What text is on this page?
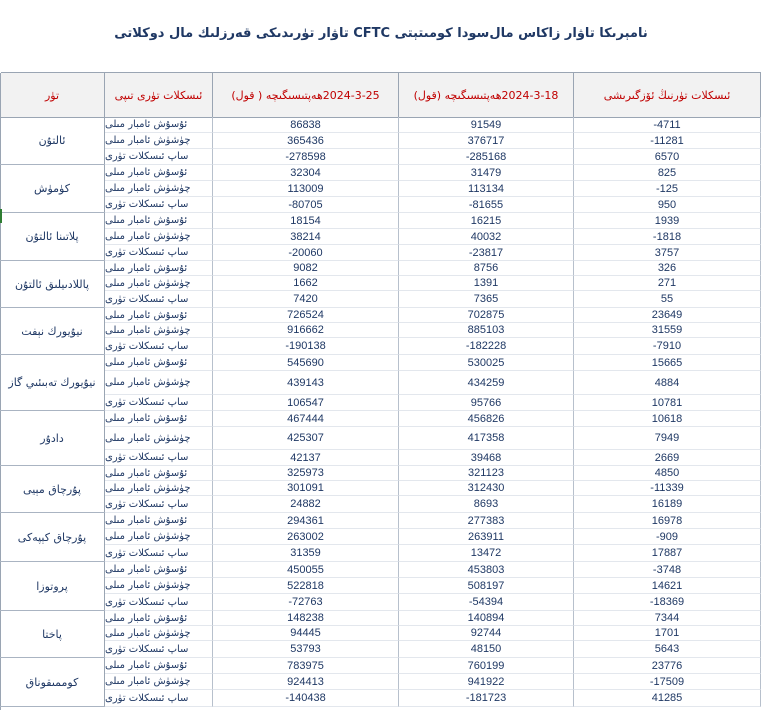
نامېرىكا تاۋار زاكاس مال‌سودا كومىتېتى CFTC تاۋار تۈرىدىكى قەرزلىك مال دوكلاتى
تۈر	ئىسكلات تۈرى تىپى	2024-3-25ھەپتىسىگىچە ( قول)	2024-3-18ھەپتىسىگىچە (قول)	ئىسكلات تۈرنىڭ ئۆزگىرىشى
ئالتۇن
ئۇسۇش ئامبار مىلى	86838	91549	-4711
چۈشۈش ئامبار مىلى	365436	376717	-11281
ساپ ئىسكلات تۈرى	-278598	-285168	6570
كۈمۈش
ئۇسۇش ئامبار مىلى	32304	31479	825
چۈشۈش ئامبار مىلى	113009	113134	-125
ساپ ئىسكلات تۈرى	-80705	-81655	950
پلاتىنا ئالتۇن
ئۇسۇش ئامبار مىلى	18154	16215	1939
چۈشۈش ئامبار مىلى	38214	40032	-1818
ساپ ئىسكلات تۈرى	-20060	-23817	3757
پاللادىيلىق ئالتۇن
ئۇسۇش ئامبار مىلى	9082	8756	326
چۈشۈش ئامبار مىلى	1662	1391	271
ساپ ئىسكلات تۈرى	7420	7365	55
نيۇيورك نېفت
ئۇسۇش ئامبار مىلى	726524	702875	23649
چۈشۈش ئامبار مىلى	916662	885103	31559
ساپ ئىسكلات تۈرى	-190138	-182228	-7910
نيۇيورك تەبىئىي گاز
ئۇسۇش ئامبار مىلى	545690	530025	15665
چۈشۈش ئامبار مىلى	439143	434259	4884
ساپ ئىسكلات تۈرى	106547	95766	10781
دادۇر
ئۇسۇش ئامبار مىلى	467444	456826	10618
چۈشۈش ئامبار مىلى	425307	417358	7949
ساپ ئىسكلات تۈرى	42137	39468	2669
پۇرچاق مېيى
ئۇسۇش ئامبار مىلى	325973	321123	4850
چۈشۈش ئامبار مىلى	301091	312430	-11339
ساپ ئىسكلات تۈرى	24882	8693	16189
پۇرچاق كېپەكى
ئۇسۇش ئامبار مىلى	294361	277383	16978
چۈشۈش ئامبار مىلى	263002	263911	-909
ساپ ئىسكلات تۈرى	31359	13472	17887
پروتوزا
ئۇسۇش ئامبار مىلى	450055	453803	-3748
چۈشۈش ئامبار مىلى	522818	508197	14621
ساپ ئىسكلات تۈرى	-72763	-54394	-18369
پاختا
ئۇسۇش ئامبار مىلى	148238	140894	7344
چۈشۈش ئامبار مىلى	94445	92744	1701
ساپ ئىسكلات تۈرى	53793	48150	5643
كوممىقوناق
ئۇسۇش ئامبار مىلى	783975	760199	23776
چۈشۈش ئامبار مىلى	924413	941922	-17509
ساپ ئىسكلات تۈرى	-140438	-181723	41285
